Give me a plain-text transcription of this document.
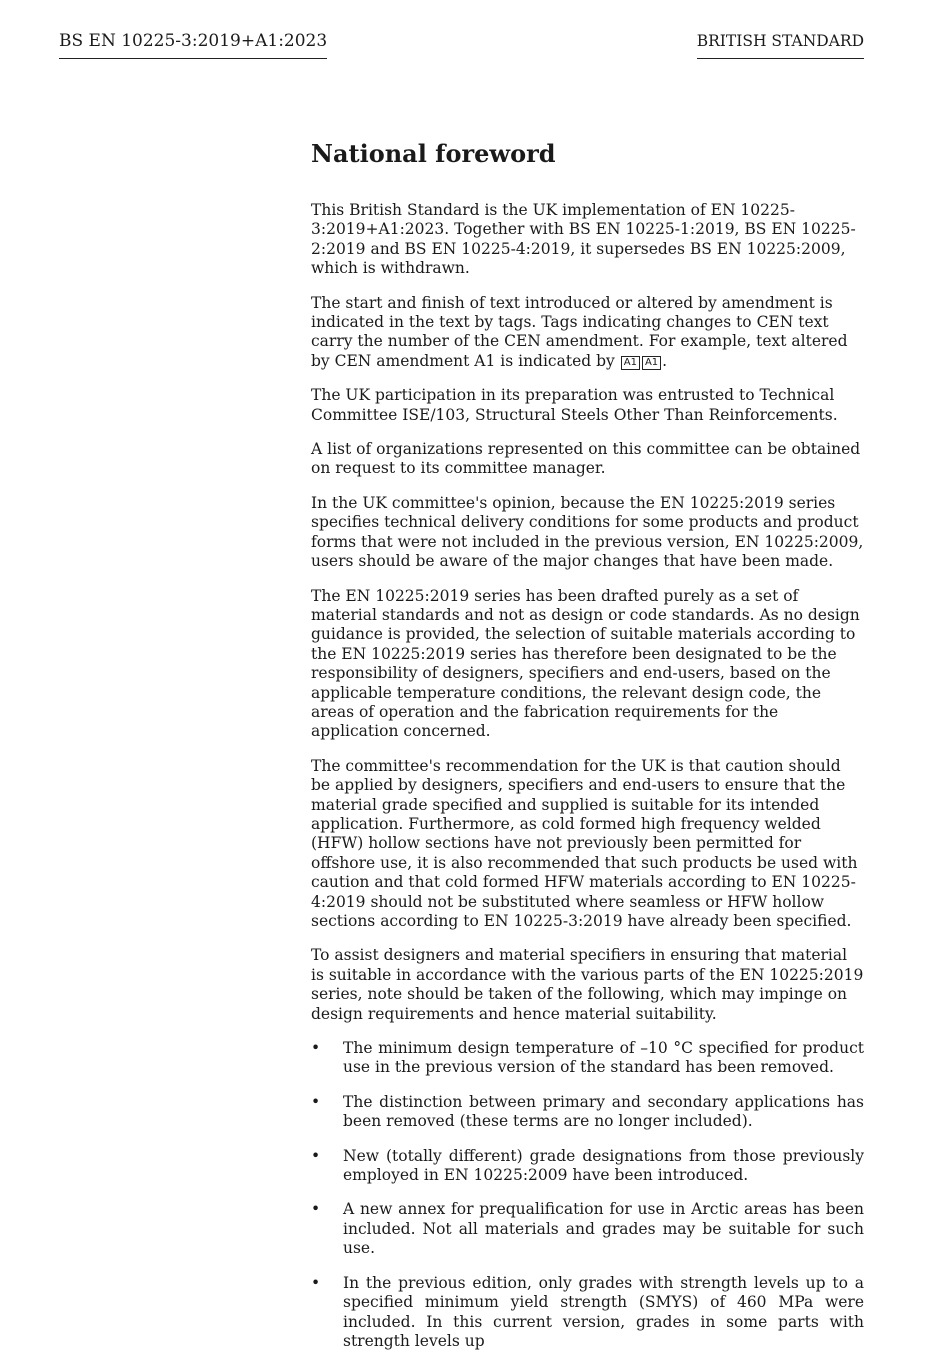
BS EN 10225-3:2019+A1:2023	BRITISH STANDARD
National foreword

This British Standard is the UK implementation of EN 10225-3:2019+A1:2023. Together with BS EN 10225-1:2019, BS EN 10225-2:2019 and BS EN 10225-4:2019, it supersedes BS EN 10225:2009, which is withdrawn.

The start and finish of text introduced or altered by amendment is indicated in the text by tags. Tags indicating changes to CEN text carry the number of the CEN amendment. For example, text altered by CEN amendment A1 is indicated by A1 A1 .

The UK participation in its preparation was entrusted to Technical Committee ISE/103, Structural Steels Other Than Reinforcements.

A list of organizations represented on this committee can be obtained on request to its committee manager.

In the UK committee's opinion, because the EN 10225:2019 series specifies technical delivery conditions for some products and product forms that were not included in the previous version, EN 10225:2009, users should be aware of the major changes that have been made.

The EN 10225:2019 series has been drafted purely as a set of material standards and not as design or code standards. As no design guidance is provided, the selection of suitable materials according to the EN 10225:2019 series has therefore been designated to be the responsibility of designers, specifiers and end-users, based on the applicable temperature conditions, the relevant design code, the areas of operation and the fabrication requirements for the application concerned.

The committee's recommendation for the UK is that caution should be applied by designers, specifiers and end-users to ensure that the material grade specified and supplied is suitable for its intended application. Furthermore, as cold formed high frequency welded (HFW) hollow sections have not previously been permitted for offshore use, it is also recommended that such products be used with caution and that cold formed HFW materials according to EN 10225-4:2019 should not be substituted where seamless or HFW hollow sections according to EN 10225-3:2019 have already been specified.

To assist designers and material specifiers in ensuring that material is suitable in accordance with the various parts of the EN 10225:2019 series, note should be taken of the following, which may impinge on design requirements and hence material suitability.

• The minimum design temperature of –10 °C specified for product use in the previous version of the standard has been removed.
• The distinction between primary and secondary applications has been removed (these terms are no longer included).
• New (totally different) grade designations from those previously employed in EN 10225:2009 have been introduced.
• A new annex for prequalification for use in Arctic areas has been included. Not all materials and grades may be suitable for such use.
• In the previous edition, only grades with strength levels up to a specified minimum yield strength (SMYS) of 460 MPa were included. In this current version, grades in some parts with strength levels up
